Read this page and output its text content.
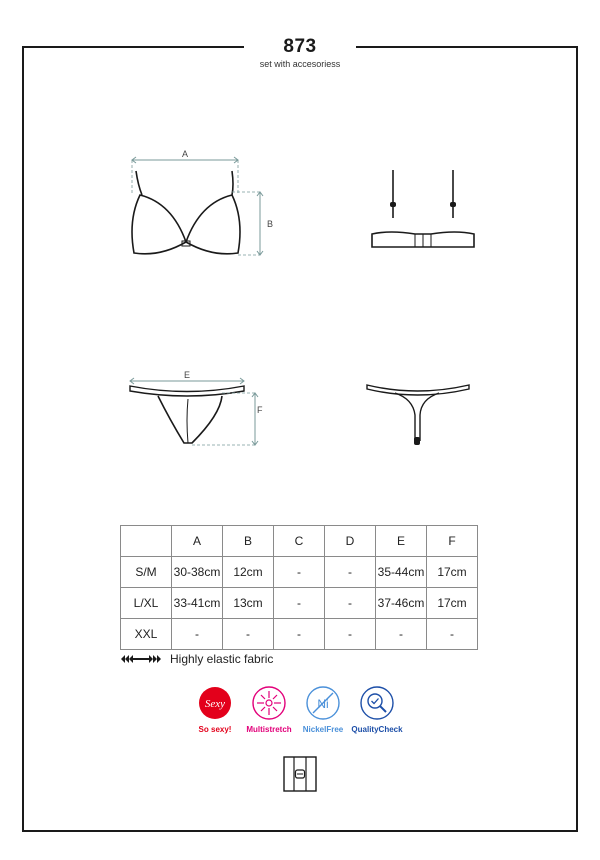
873
set with accesoriess
A
B
E
F
	A	B	C	D	E	F
S/M	30-38cm	12cm	-	-	35-44cm	17cm
L/XL	33-41cm	13cm	-	-	37-46cm	17cm
XXL	-	-	-	-	-	-
Highly elastic fabric
Sexy
So sexy!	Multistretch
Ni
NickelFree	QualityCheck
